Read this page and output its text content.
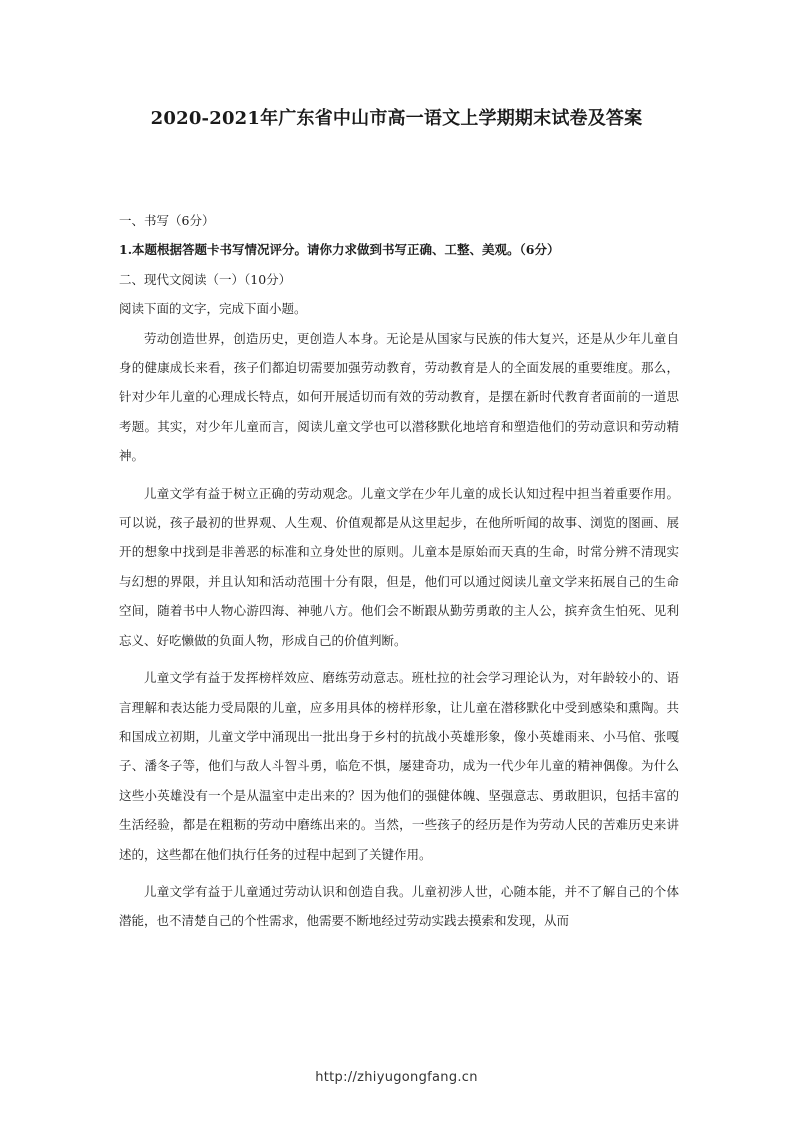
2020-2021年广东省中山市高一语文上学期期末试卷及答案

一、书写（6分）

1.本题根据答题卡书写情况评分。请你力求做到书写正确、工整、美观。（6分）

二、现代文阅读（一）（10分）

阅读下面的文字，完成下面小题。

劳动创造世界，创造历史，更创造人本身。无论是从国家与民族的伟大复兴，还是从少年儿童自身的健康成长来看，孩子们都迫切需要加强劳动教育，劳动教育是人的全面发展的重要维度。那么，针对少年儿童的心理成长特点，如何开展适切而有效的劳动教育，是摆在新时代教育者面前的一道思考题。其实，对少年儿童而言，阅读儿童文学也可以潜移默化地培育和塑造他们的劳动意识和劳动精神。

儿童文学有益于树立正确的劳动观念。儿童文学在少年儿童的成长认知过程中担当着重要作用。可以说，孩子最初的世界观、人生观、价值观都是从这里起步，在他所听闻的故事、浏览的图画、展开的想象中找到是非善恶的标准和立身处世的原则。儿童本是原始而天真的生命，时常分辨不清现实与幻想的界限，并且认知和活动范围十分有限，但是，他们可以通过阅读儿童文学来拓展自己的生命空间，随着书中人物心游四海、神驰八方。他们会不断跟从勤劳勇敢的主人公，摈弃贪生怕死、见利忘义、好吃懒做的负面人物，形成自己的价值判断。

儿童文学有益于发挥榜样效应、磨练劳动意志。班杜拉的社会学习理论认为，对年龄较小的、语言理解和表达能力受局限的儿童，应多用具体的榜样形象，让儿童在潜移默化中受到感染和熏陶。共和国成立初期，儿童文学中涌现出一批出身于乡村的抗战小英雄形象，像小英雄雨来、小马倌、张嘎子、潘冬子等，他们与敌人斗智斗勇，临危不惧，屡建奇功，成为一代少年儿童的精神偶像。为什么这些小英雄没有一个是从温室中走出来的？因为他们的强健体魄、坚强意志、勇敢胆识，包括丰富的生活经验，都是在粗粝的劳动中磨练出来的。当然，一些孩子的经历是作为劳动人民的苦难历史来讲述的，这些都在他们执行任务的过程中起到了关键作用。

儿童文学有益于儿童通过劳动认识和创造自我。儿童初涉人世，心随本能，并不了解自己的个体潜能，也不清楚自己的个性需求，他需要不断地经过劳动实践去摸索和发现，从而

http://zhiyugongfang.cn
